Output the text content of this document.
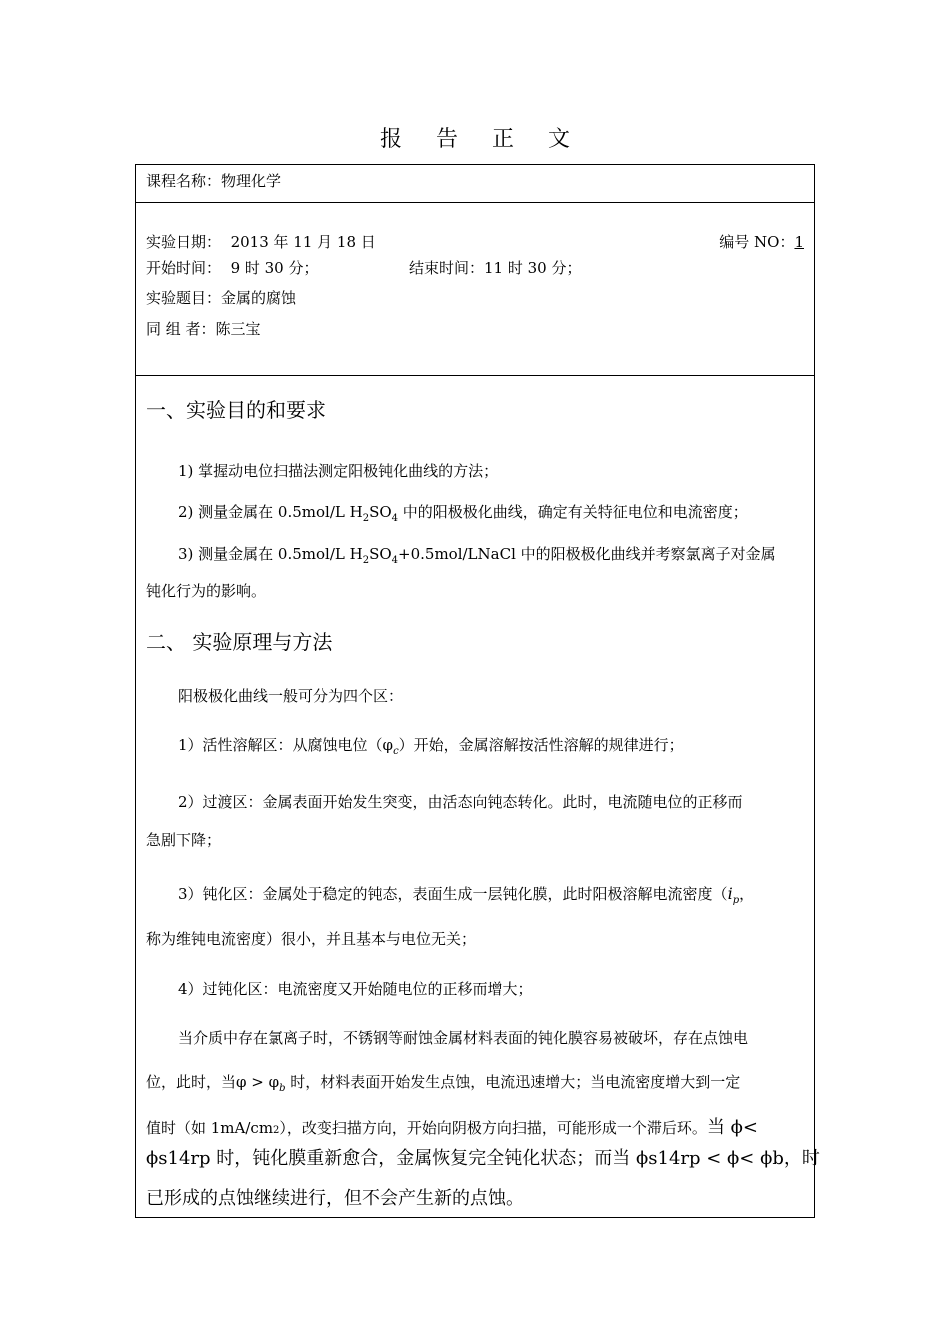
报告正文
课程名称：物理化学
实验日期： 2013 年 11 月 18 日	编号 NO：1
开始时间： 9 时 30 分；	结束时间：11 时 30 分；
实验题目：金属的腐蚀
同 组 者：陈三宝
一、实验目的和要求
1) 掌握动电位扫描法测定阳极钝化曲线的方法；
2) 测量金属在 0.5mol/L $H_2SO_4$ 中的阳极极化曲线，确定有关特征电位和电流密度；
3) 测量金属在 0.5mol/L $H_2SO_4+0.5mol$/LNaCl 中的阳极极化曲线并考察氯离子对金属
钝化行为的影响。
二、 实验原理与方法
阳极极化曲线一般可分为四个区：
1）活性溶解区：从腐蚀电位$(\varphi_c)$开始，金属溶解按活性溶解的规律进行；
2）过渡区：金属表面开始发生突变，由活态向钝态转化。此时，电流随电位的正移而
急剧下降；
3）钝化区：金属处于稳定的钝态，表面生成一层钝化膜，此时阳极溶解电流密度（$i_p$，
称为维钝电流密度）很小，并且基本与电位无关；
4）过钝化区：电流密度又开始随电位的正移而增大；
当介质中存在氯离子时，不锈钢等耐蚀金属材料表面的钝化膜容易被破坏，存在点蚀电
位，此时，当$\varphi > \varphi_b$ 时，材料表面开始发生点蚀，电流迅速增大；当电流密度增大到一定
值时（如 1mA/cm2），改变扫描方向，开始向阴极方向扫描，可能形成一个滞后环。当 ϕ<
ϕs14rp 时，钝化膜重新愈合，金属恢复完全钝化状态；而当 ϕs14rp < ϕ< ϕb，时
已形成的点蚀继续进行，但不会产生新的点蚀。
